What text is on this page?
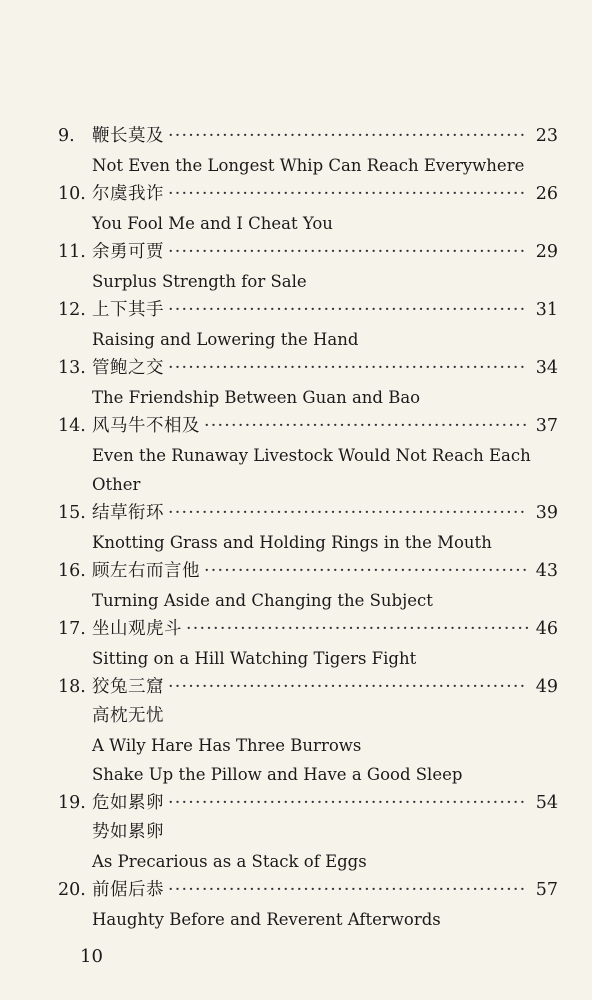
9. 鞭长莫及 ·····	23
Not Even the Longest Whip Can Reach Everywhere
10. 尔虞我诈 ·····	26
You Fool Me and I Cheat You
11. 余勇可贾 ·····	29
Surplus Strength for Sale
12. 上下其手 ·····	31
Raising and Lowering the Hand
13. 管鲍之交 ·····	34
The Friendship Between Guan and Bao
14. 风马牛不相及 ·····	37
Even the Runaway Livestock Would Not Reach Each
Other
15. 结草衔环 ·····	39
Knotting Grass and Holding Rings in the Mouth
16. 顾左右而言他 ·····	43
Turning Aside and Changing the Subject
17. 坐山观虎斗 ·····	46
Sitting on a Hill Watching Tigers Fight
18. 狡兔三窟 ·····	49
高枕无忧
A Wily Hare Has Three Burrows
Shake Up the Pillow and Have a Good Sleep
19. 危如累卵 ·····	54
势如累卵
As Precarious as a Stack of Eggs
20. 前倨后恭 ·····	57
Haughty Before and Reverent Afterwords
10
